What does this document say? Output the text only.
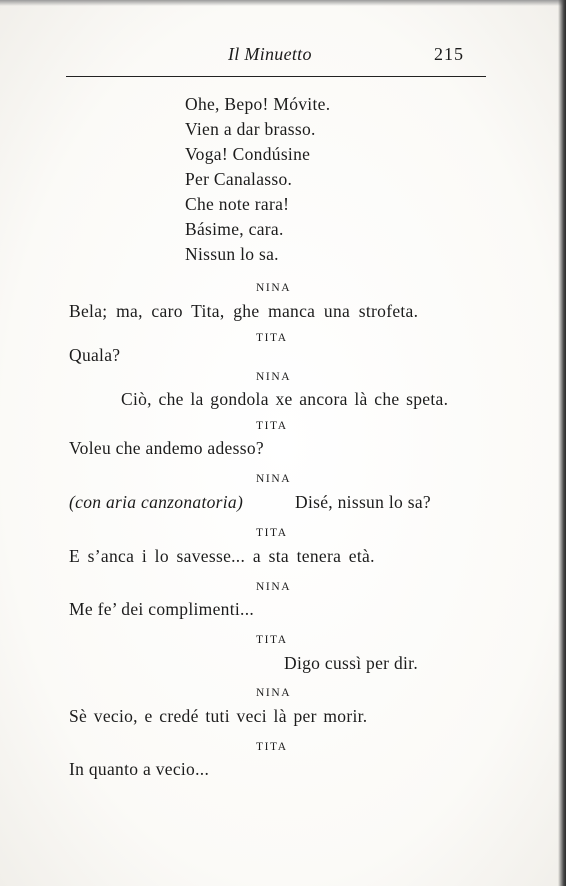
Il Minuetto	215
Ohe, Bepo! Móvite.
Vien a dar brasso.
Voga! Condúsine
Per Canalasso.
Che note rara!
Básime, cara.
Nissun lo sa.
NINA
Bela; ma, caro Tita, ghe manca una strofeta.
TITA
Quala?
NINA
Ciò, che la gondola xe ancora là che speta.
TITA
Voleu che andemo adesso?
NINA
(con aria canzonatoria)	Disé, nissun lo sa?
TITA
E s’anca i lo savesse... a sta tenera età.
NINA
Me fe’ dei complimenti...
TITA
Digo cussì per dir.
NINA
Sè vecio, e credé tuti veci là per morir.
TITA
In quanto a vecio...
